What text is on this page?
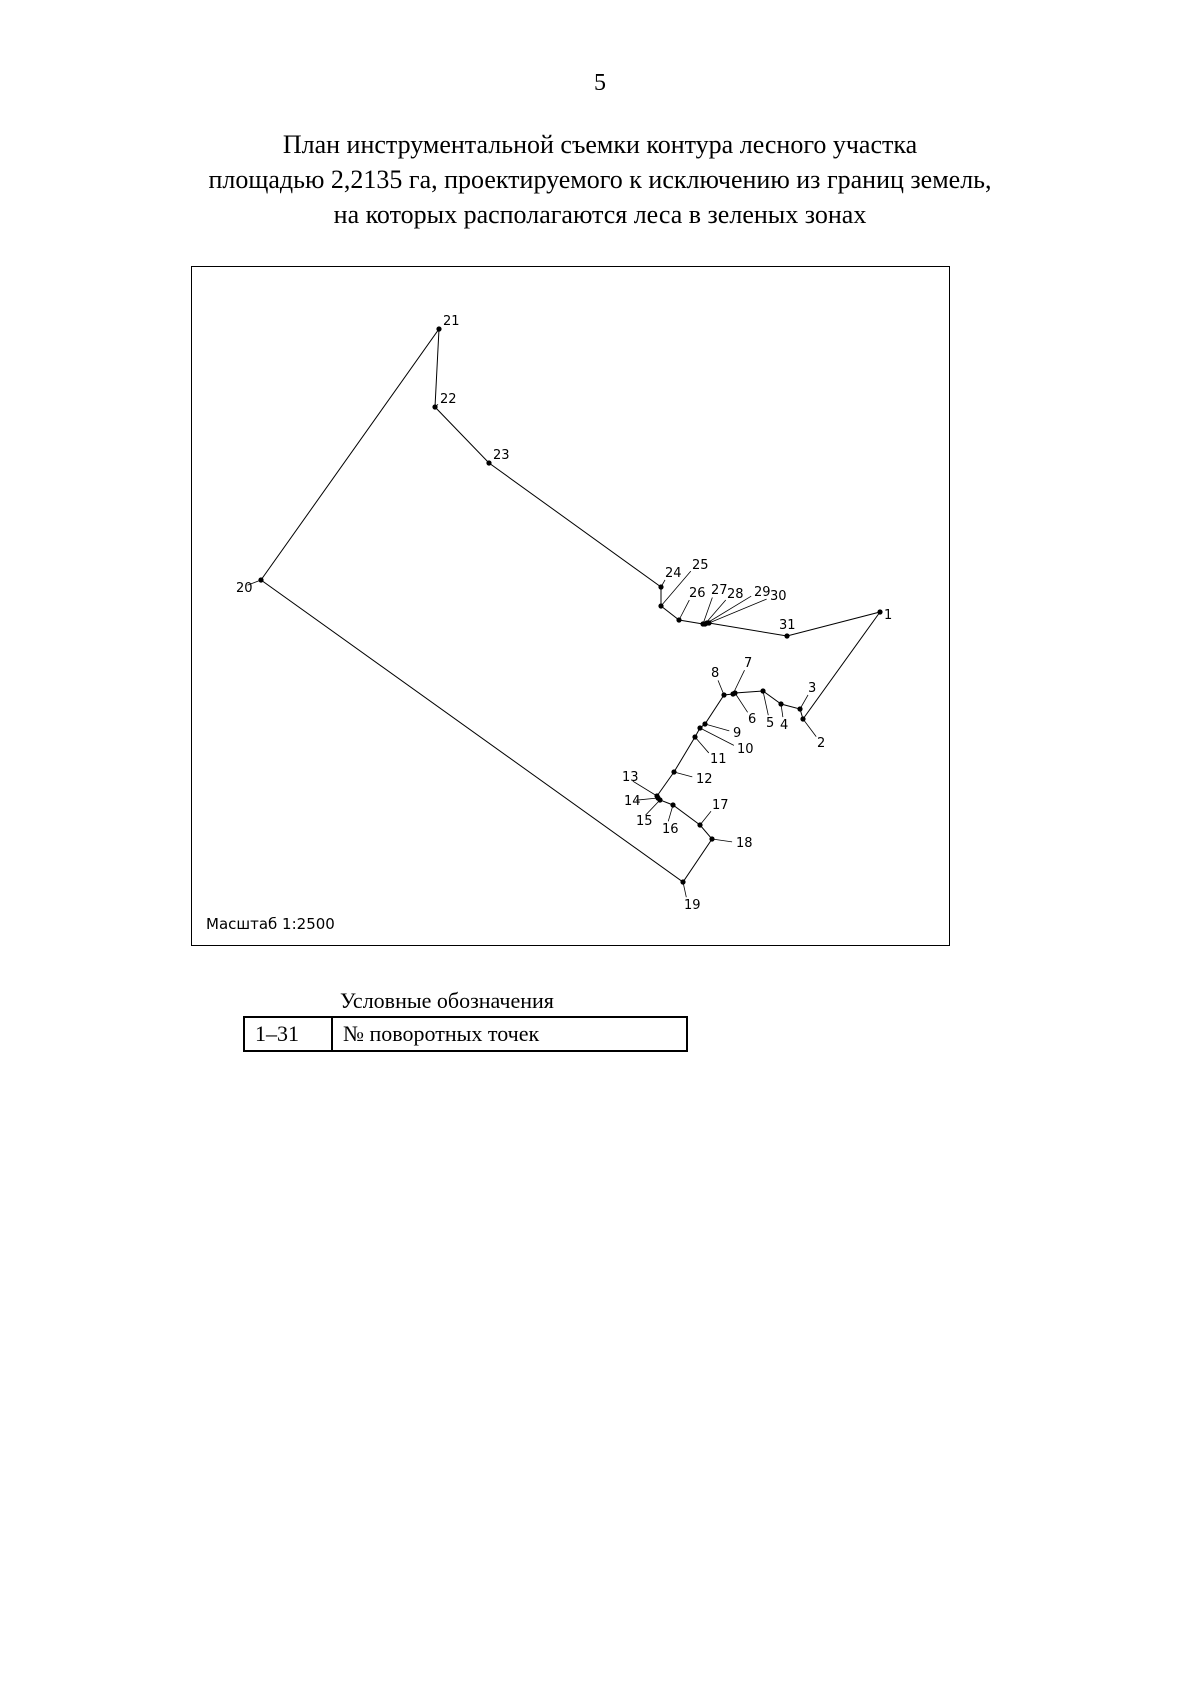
5
План инструментальной съемки контура лесного участка
площадью 2,2135 га, проектируемого к исключению из границ земель,
на которых располагаются леса в зеленых зонах
1
2
3
4
5
6
7
8
9
10
11
12
13
14
15
16
17
18
19
20
21
22
23
24
25
26 27 28 29 30
31
Масштаб 1:2500
Условные обозначения
1–31	№ поворотных точек
